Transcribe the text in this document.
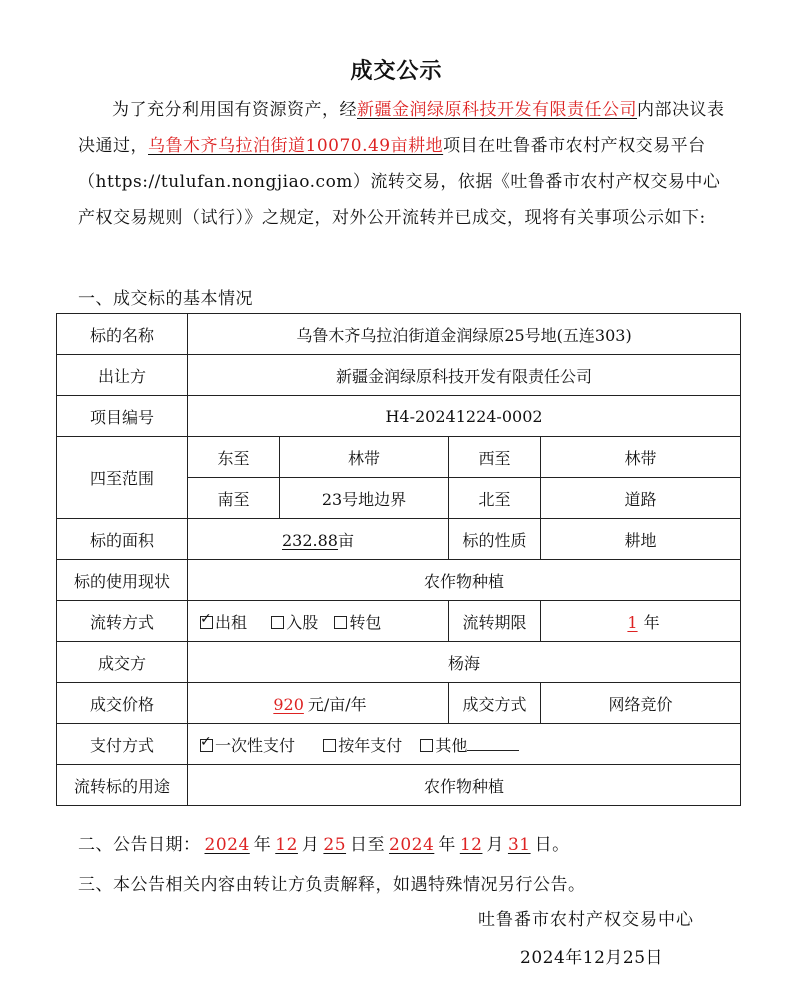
成交公示
为了充分利用国有资源资产，经新疆金润绿原科技开发有限责任公司内部决议表决通过，乌鲁木齐乌拉泊街道10070.49亩耕地项目在吐鲁番市农村产权交易平台（https://tulufan.nongjiao.com）流转交易，依据《吐鲁番市农村产权交易中心产权交易规则（试行）》之规定，对外公开流转并已成交，现将有关事项公示如下:
一、成交标的基本情况
标的名称	乌鲁木齐乌拉泊街道金润绿原25号地(五连303)			
出让方	新疆金润绿原科技开发有限责任公司			
项目编号	H4-20241224-0002			
四至范围	东至	林带	西至	林带
	南至	23号地边界	北至	道路
标的面积	232.88亩		标的性质	耕地
标的使用现状	农作物种植			
流转方式	✓出租 入股 转包		流转期限	1 年
成交方	杨海			
成交价格	920 元/亩/年		成交方式	网络竞价
支付方式	✓一次性支付 按年支付 其他
流转标的用途	农作物种植			
二、公告日期： 2024 年 12 月 25 日至 2024 年 12 月 31 日。
三、本公告相关内容由转让方负责解释，如遇特殊情况另行公告。
吐鲁番市农村产权交易中心
2024年12月25日
